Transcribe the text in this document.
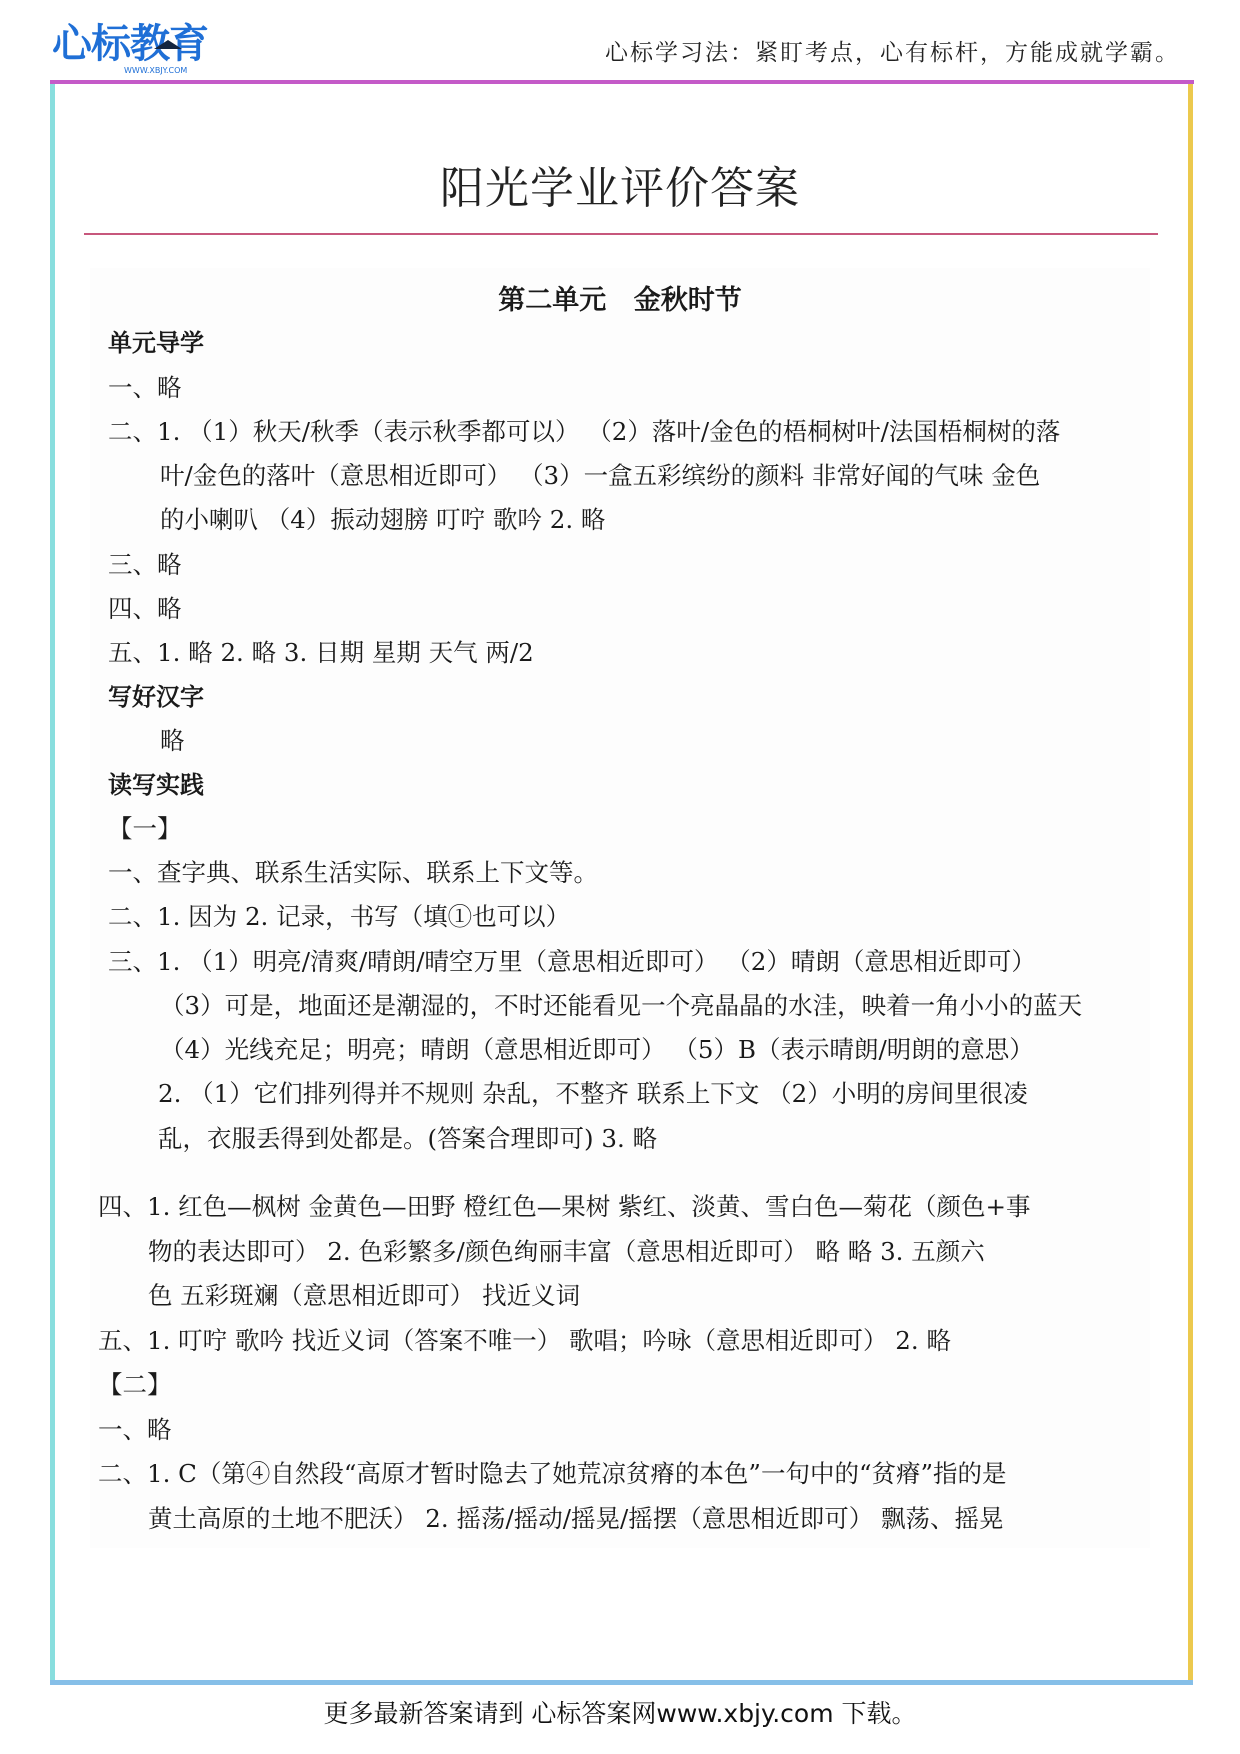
心标教育
WWW.XBJY.COM
心标学习法：紧盯考点，心有标杆，方能成就学霸。
阳光学业评价答案
第二单元 金秋时节
单元导学
一、略
二、1. （1）秋天/秋季（表示秋季都可以） （2）落叶/金色的梧桐树叶/法国梧桐树的落
叶/金色的落叶（意思相近即可） （3）一盒五彩缤纷的颜料 非常好闻的气味 金色
的小喇叭 （4）振动翅膀 叮咛 歌吟 2. 略
三、略
四、略
五、1. 略 2. 略 3. 日期 星期 天气 两/2
写好汉字
略
读写实践
【一】
一、查字典、联系生活实际、联系上下文等。
二、1. 因为 2. 记录，书写（填①也可以）
三、1. （1）明亮/清爽/晴朗/晴空万里（意思相近即可） （2）晴朗（意思相近即可）
（3）可是，地面还是潮湿的，不时还能看见一个亮晶晶的水洼，映着一角小小的蓝天
（4）光线充足；明亮；晴朗（意思相近即可） （5）B（表示晴朗/明朗的意思）
2. （1）它们排列得并不规则 杂乱，不整齐 联系上下文 （2）小明的房间里很凌
乱，衣服丢得到处都是。(答案合理即可) 3. 略
四、1. 红色—枫树 金黄色—田野 橙红色—果树 紫红、淡黄、雪白色—菊花（颜色+事
物的表达即可） 2. 色彩繁多/颜色绚丽丰富（意思相近即可） 略 略 3. 五颜六
色 五彩斑斓（意思相近即可） 找近义词
五、1. 叮咛 歌吟 找近义词（答案不唯一） 歌唱；吟咏（意思相近即可） 2. 略
【二】
一、略
二、1. C（第④自然段“高原才暂时隐去了她荒凉贫瘠的本色”一句中的“贫瘠”指的是
黄土高原的土地不肥沃） 2. 摇荡/摇动/摇晃/摇摆（意思相近即可） 飘荡、摇晃
更多最新答案请到 心标答案网www.xbjy.com 下载。
